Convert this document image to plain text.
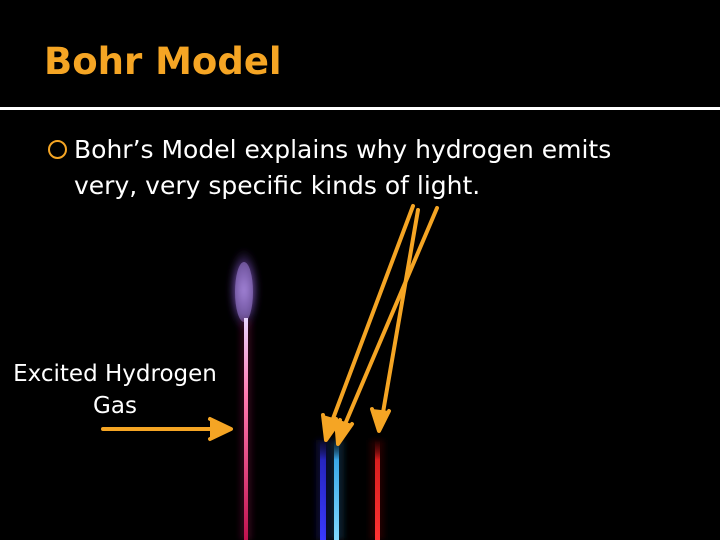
Bohr Model
Bohr’s Model explains why hydrogen emits
very, very specific kinds of light.
Excited Hydrogen
Gas
